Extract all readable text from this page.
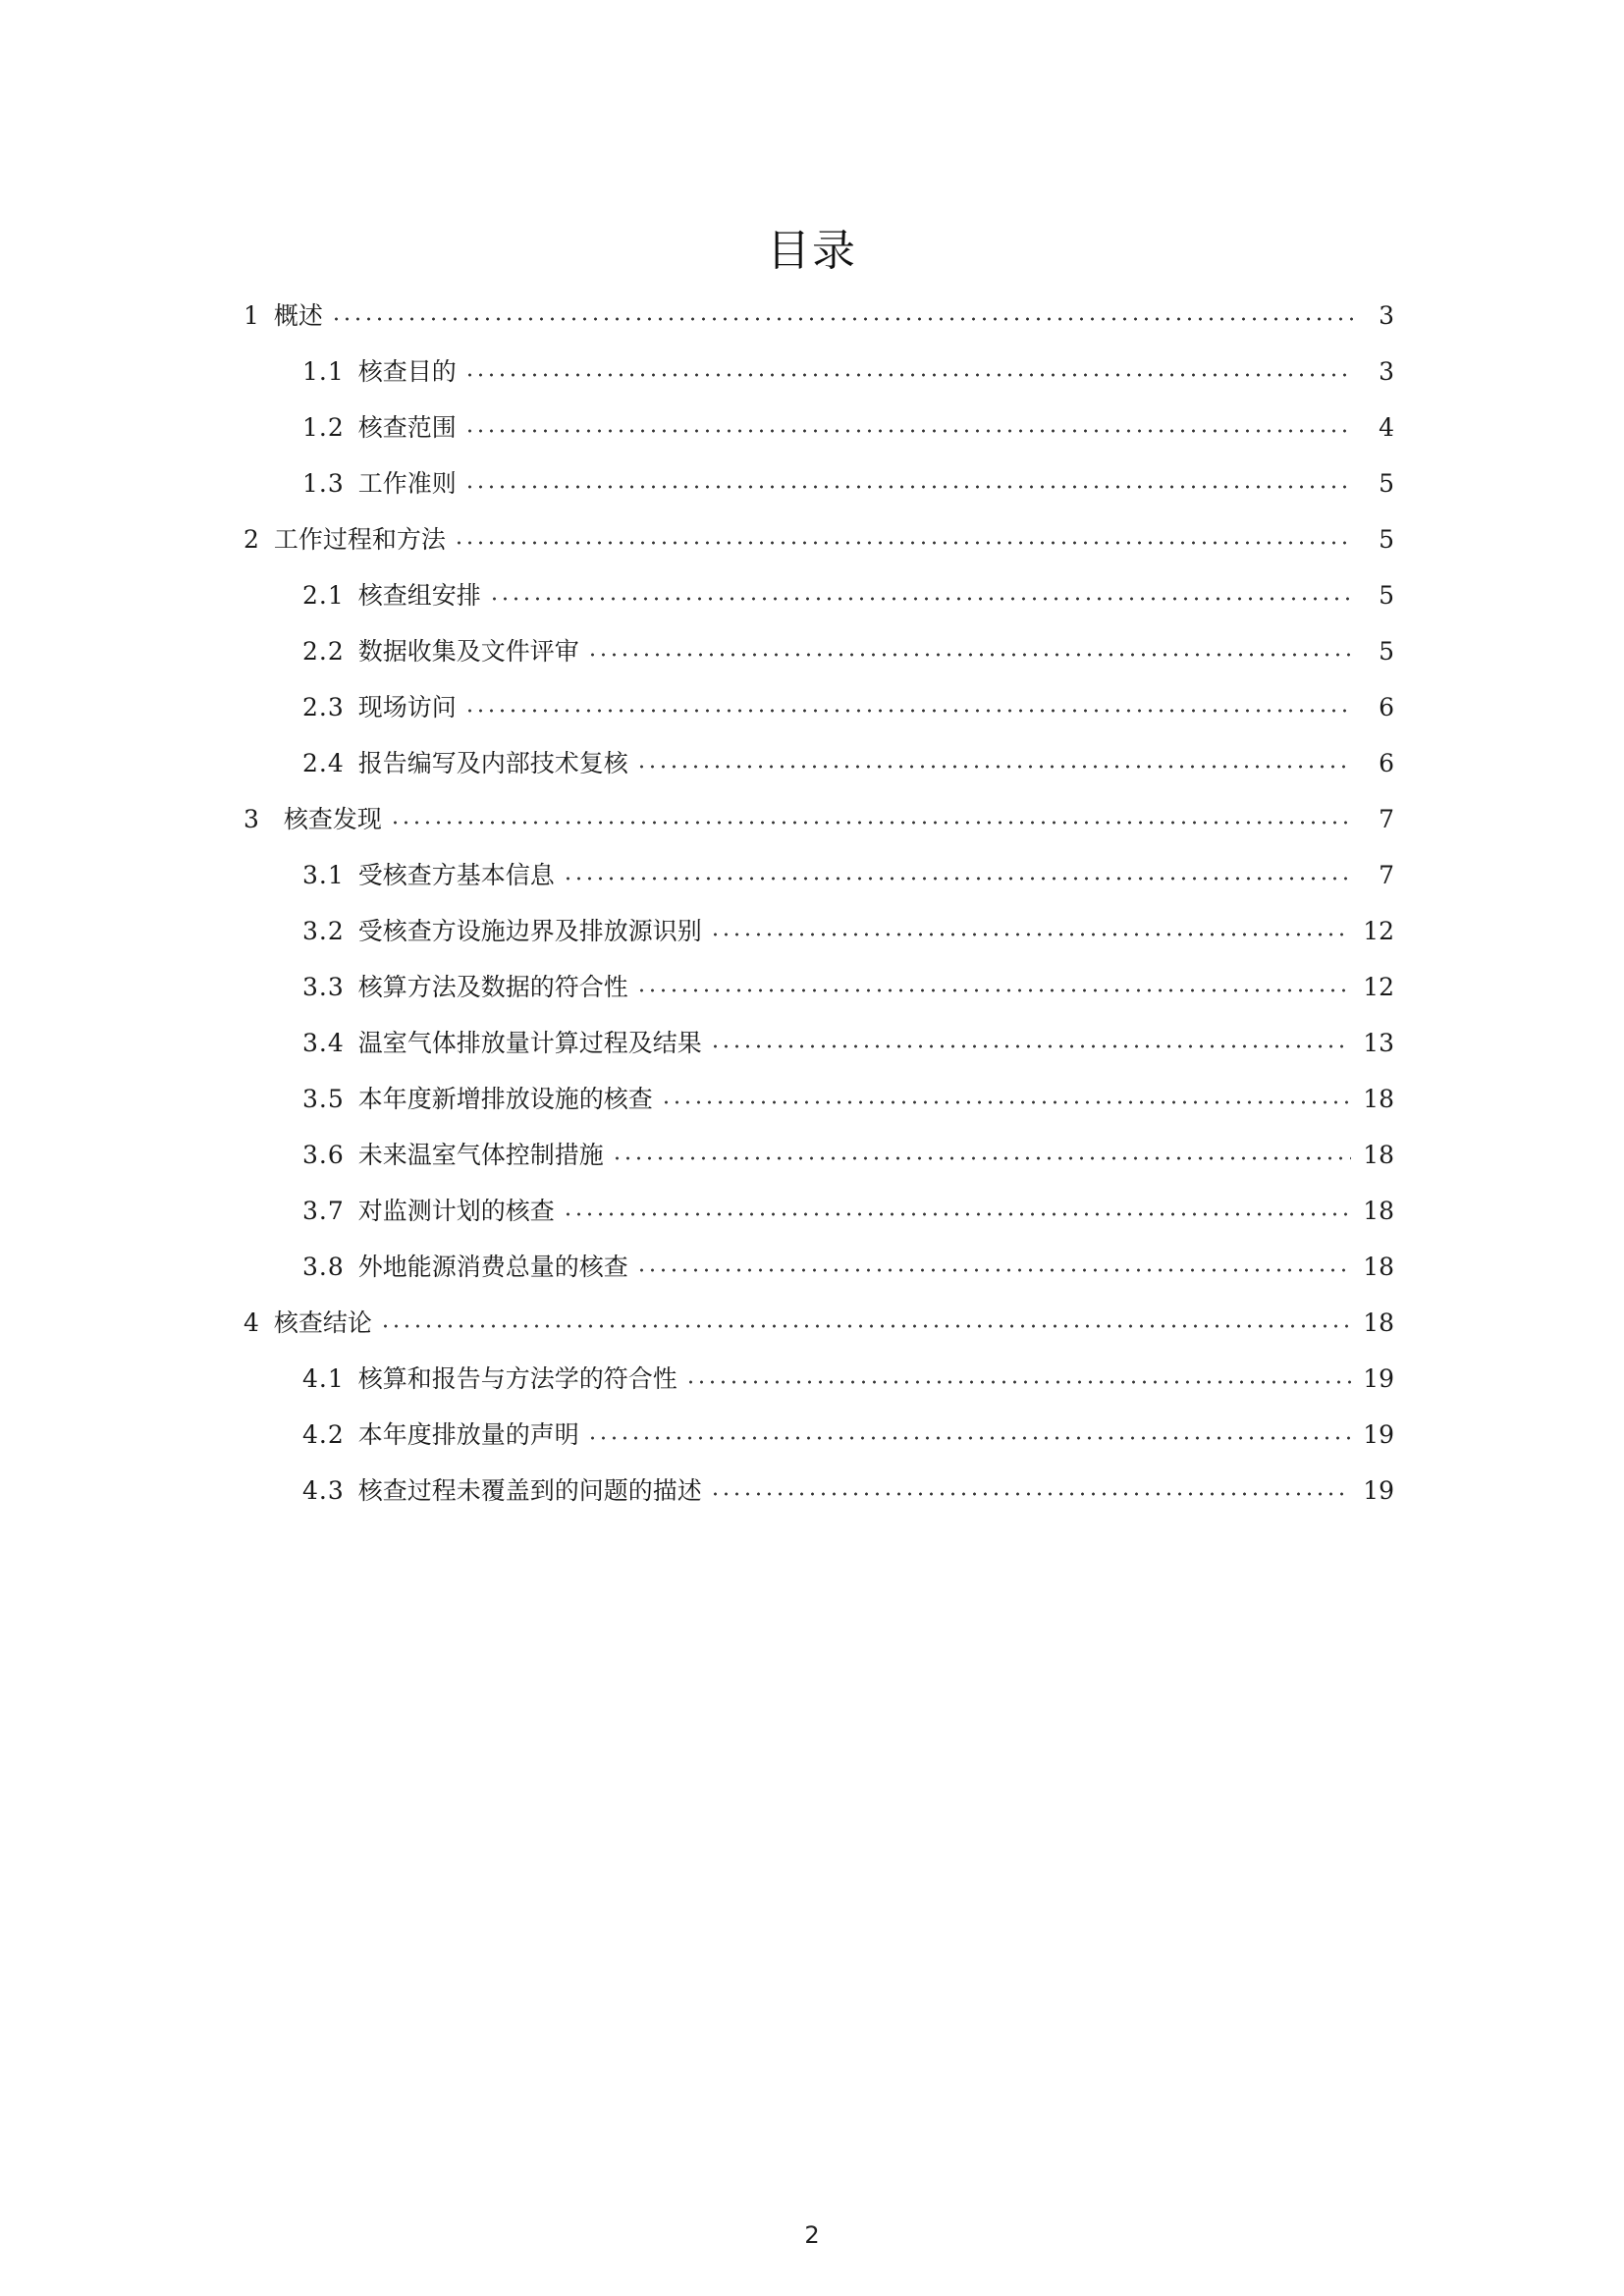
目录
1 概述	3
1.1 核查目的	3
1.2 核查范围	4
1.3 工作准则	5
2 工作过程和方法	5
2.1 核查组安排	5
2.2 数据收集及文件评审	5
2.3 现场访问	6
2.4 报告编写及内部技术复核	6
3 核查发现	7
3.1 受核查方基本信息	7
3.2 受核查方设施边界及排放源识别	12
3.3 核算方法及数据的符合性	12
3.4 温室气体排放量计算过程及结果	13
3.5 本年度新增排放设施的核查	18
3.6 未来温室气体控制措施	18
3.7 对监测计划的核查	18
3.8 外地能源消费总量的核查	18
4 核查结论	18
4.1 核算和报告与方法学的符合性	19
4.2 本年度排放量的声明	19
4.3 核查过程未覆盖到的问题的描述	19
2
